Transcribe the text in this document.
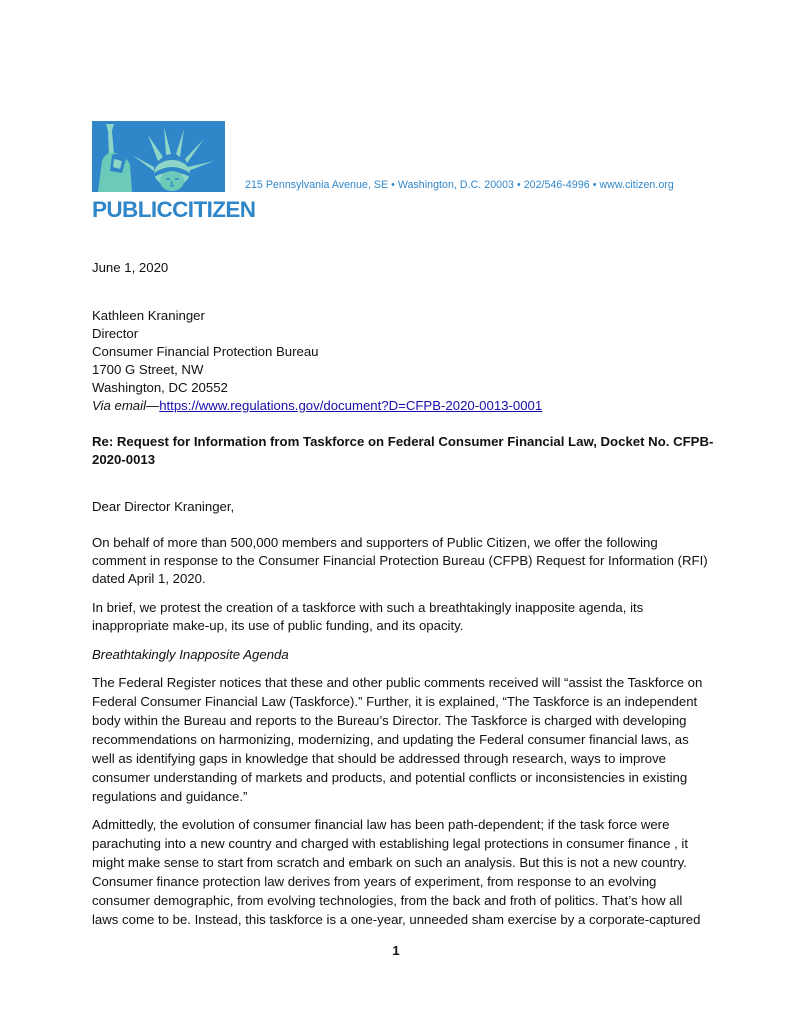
PUBLICCITIZEN
215 Pennsylvania Avenue, SE • Washington, D.C. 20003 • 202/546-4996 • www.citizen.org
June 1, 2020
Kathleen Kraninger
Director
Consumer Financial Protection Bureau
1700 G Street, NW
Washington, DC 20552
Via email—https://www.regulations.gov/document?D=CFPB-2020-0013-0001
Re: Request for Information from Taskforce on Federal Consumer Financial Law, Docket No. CFPB-
2020-0013
Dear Director Kraninger,
On behalf of more than 500,000 members and supporters of Public Citizen, we offer the following
comment in response to the Consumer Financial Protection Bureau (CFPB) Request for Information (RFI)
dated April 1, 2020.
In brief, we protest the creation of a taskforce with such a breathtakingly inapposite agenda, its
inappropriate make-up, its use of public funding, and its opacity.
Breathtakingly Inapposite Agenda
The Federal Register notices that these and other public comments received will “assist the Taskforce on
Federal Consumer Financial Law (Taskforce).” Further, it is explained, “The Taskforce is an independent
body within the Bureau and reports to the Bureau’s Director. The Taskforce is charged with developing
recommendations on harmonizing, modernizing, and updating the Federal consumer financial laws, as
well as identifying gaps in knowledge that should be addressed through research, ways to improve
consumer understanding of markets and products, and potential conflicts or inconsistencies in existing
regulations and guidance.”
Admittedly, the evolution of consumer financial law has been path-dependent; if the task force were
parachuting into a new country and charged with establishing legal protections in consumer finance , it
might make sense to start from scratch and embark on such an analysis. But this is not a new country.
Consumer finance protection law derives from years of experiment, from response to an evolving
consumer demographic, from evolving technologies, from the back and froth of politics. That’s how all
laws come to be. Instead, this taskforce is a one-year, unneeded sham exercise by a corporate-captured
1
